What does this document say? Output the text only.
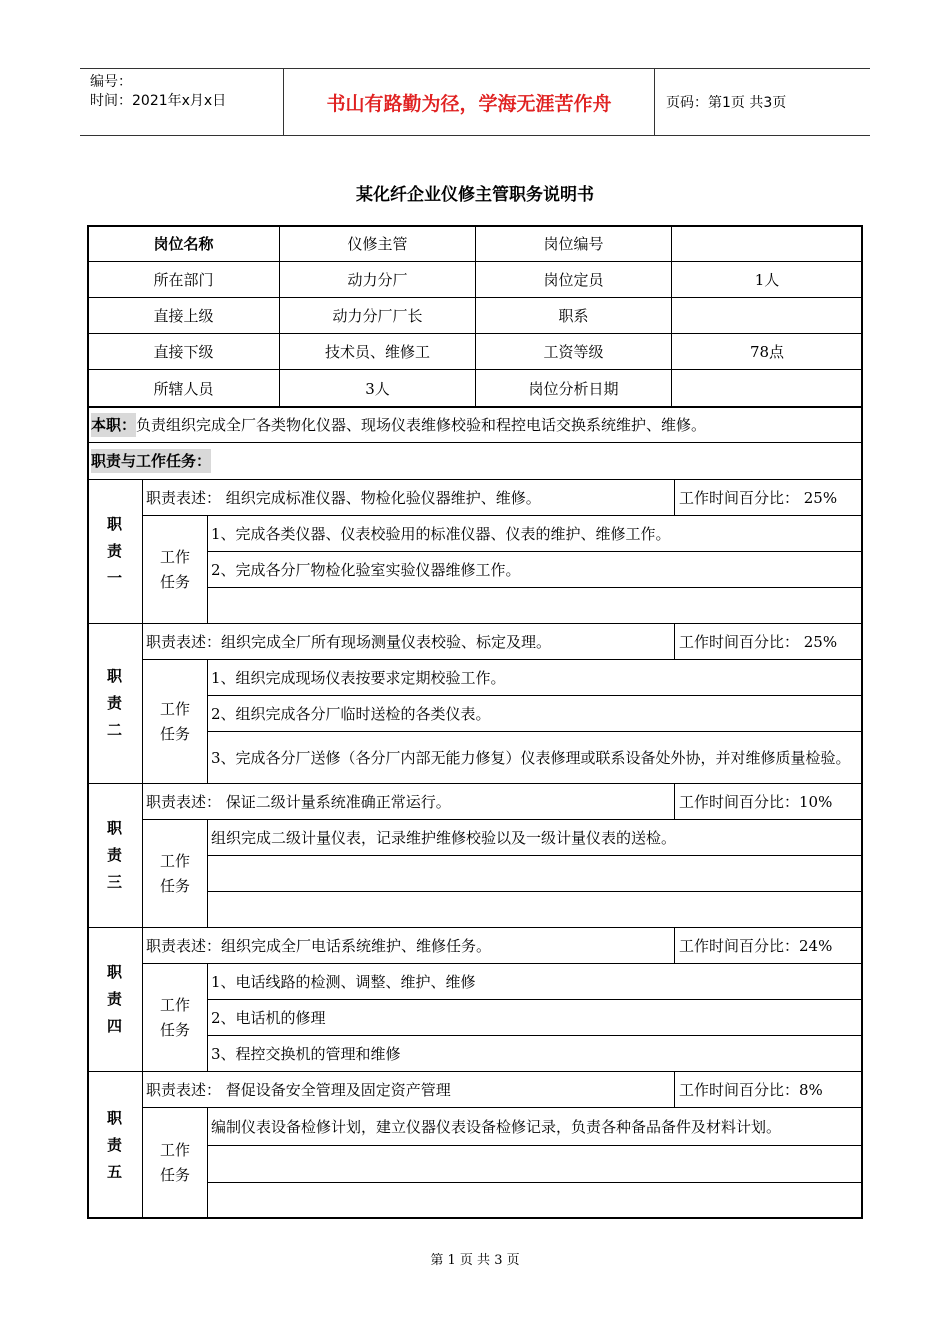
编号：
时间：2021年x月x日	书山有路勤为径，学海无涯苦作舟	页码：第1页 共3页
某化纤企业仪修主管职务说明书
岗位名称	仪修主管	岗位编号
所在部门	动力分厂	岗位定员	1人
直接上级	动力分厂厂长	职系
直接下级	技术员、维修工	工资等级	78点
所辖人员	3人	岗位分析日期
本职： 负责组织完成全厂各类物化仪器、现场仪表维修校验和程控电话交换系统维护、维修。
职责与工作任务：
职
责
一
职责表述： 组织完成标准仪器、物检化验仪器维护、维修。	工作时间百分比： 25%
工作
任务
1、完成各类仪器、仪表校验用的标准仪器、仪表的维护、维修工作。
2、完成各分厂物检化验室实验仪器维修工作。
职
责
二
职责表述：组织完成全厂所有现场测量仪表校验、标定及理。	工作时间百分比： 25%
工作
任务
1、组织完成现场仪表按要求定期校验工作。
2、组织完成各分厂临时送检的各类仪表。
3、完成各分厂送修（各分厂内部无能力修复）仪表修理或联系设备处外协，并对维修质量检验。
职
责
三
职责表述： 保证二级计量系统准确正常运行。	工作时间百分比：10%
工作
任务
组织完成二级计量仪表，记录维护维修校验以及一级计量仪表的送检。
职
责
四
职责表述：组织完成全厂电话系统维护、维修任务。	工作时间百分比：24%
工作
任务
1、电话线路的检测、调整、维护、维修
2、电话机的修理
3、程控交换机的管理和维修
职
责
五
职责表述： 督促设备安全管理及固定资产管理	工作时间百分比：8%
工作
任务
编制仪表设备检修计划，建立仪器仪表设备检修记录，负责各种备品备件及材料计划。
第 1 页 共 3 页
